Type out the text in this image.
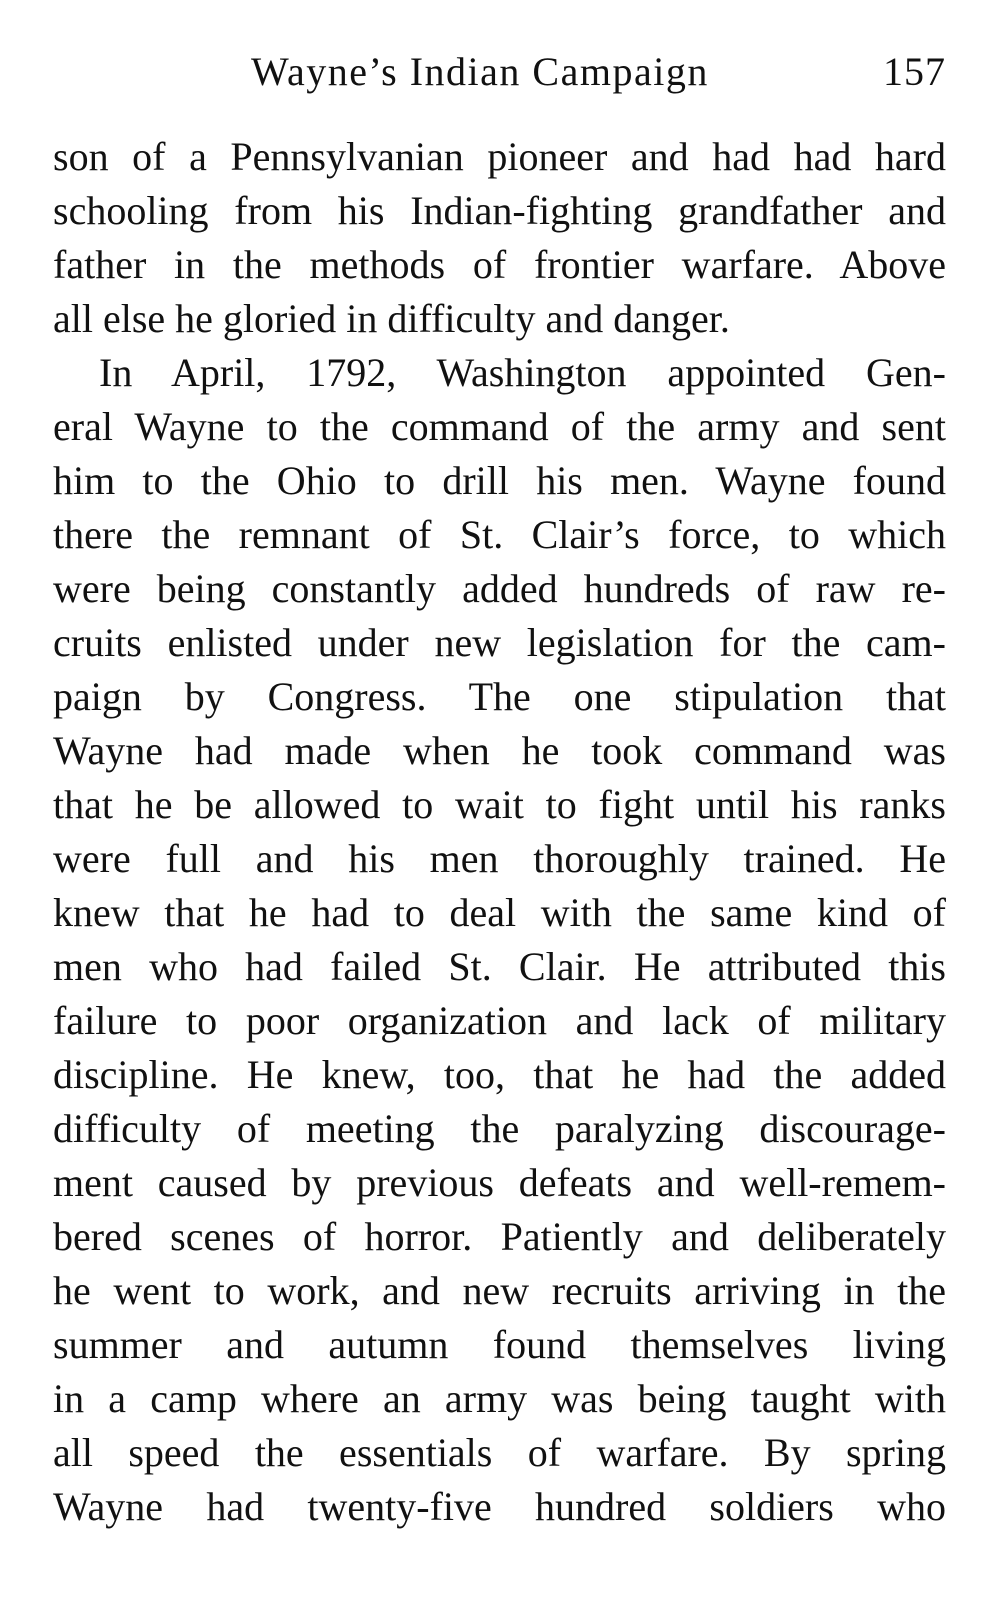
Wayne’s Indian Campaign	157
son of a Pennsylvanian pioneer and had had hard
schooling from his Indian-fighting grandfather and
father in the methods of frontier warfare. Above
all else he gloried in difficulty and danger.
In April, 1792, Washington appointed Gen-
eral Wayne to the command of the army and sent
him to the Ohio to drill his men. Wayne found
there the remnant of St. Clair’s force, to which
were being constantly added hundreds of raw re-
cruits enlisted under new legislation for the cam-
paign by Congress. The one stipulation that
Wayne had made when he took command was
that he be allowed to wait to fight until his ranks
were full and his men thoroughly trained. He
knew that he had to deal with the same kind of
men who had failed St. Clair. He attributed this
failure to poor organization and lack of military
discipline. He knew, too, that he had the added
difficulty of meeting the paralyzing discourage-
ment caused by previous defeats and well-remem-
bered scenes of horror. Patiently and deliberately
he went to work, and new recruits arriving in the
summer and autumn found themselves living
in a camp where an army was being taught with
all speed the essentials of warfare. By spring
Wayne had twenty-five hundred soldiers who
